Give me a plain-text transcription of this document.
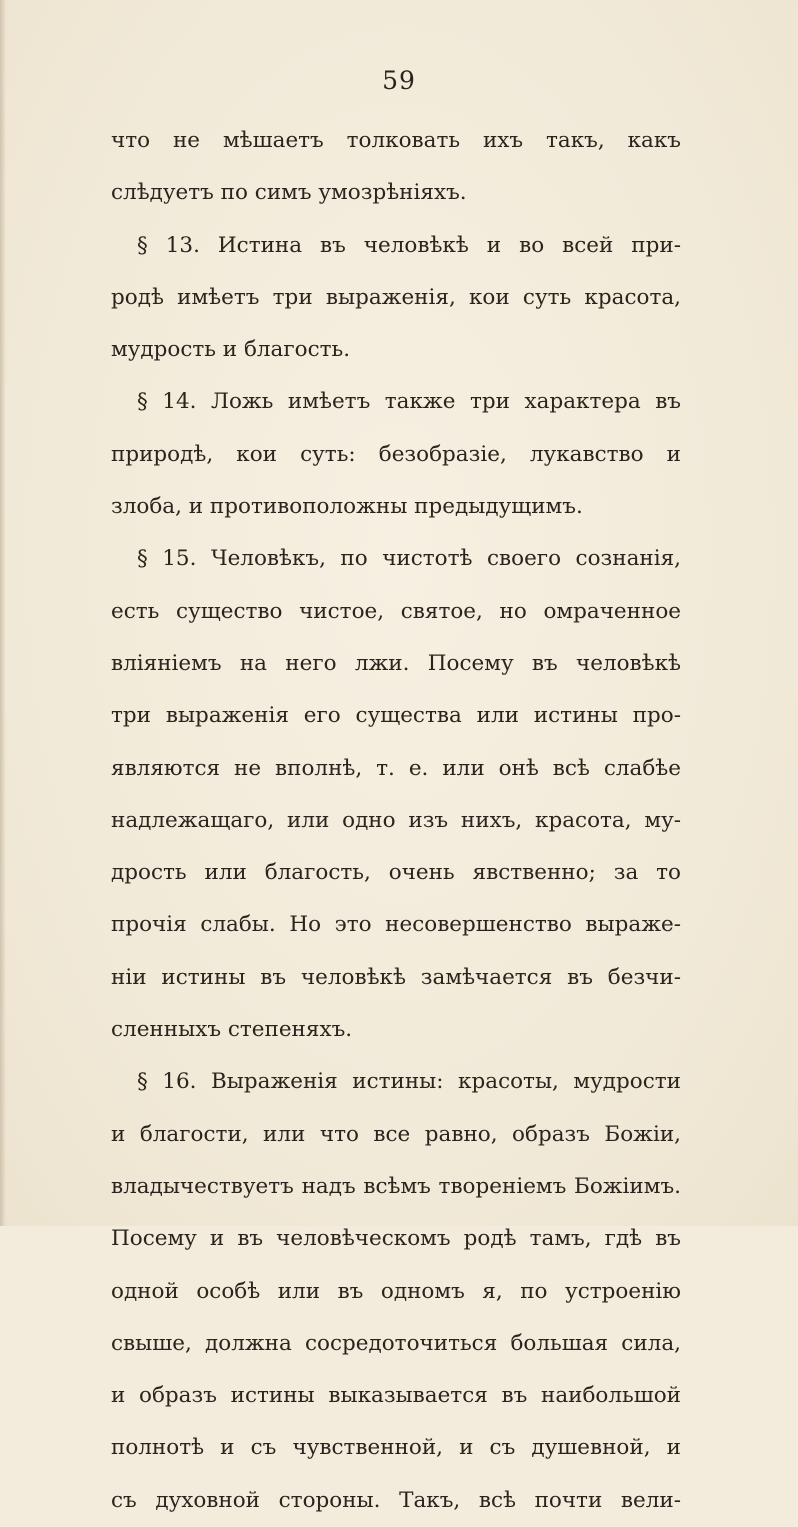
59
что не мѣшаетъ толковать ихъ такъ, какъ
слѣдуетъ по симъ умозрѣніяхъ.
§ 13. Истина въ человѣкѣ и во всей при-
родѣ имѣетъ три выраженія, кои суть красота,
мудрость и благость.
§ 14. Ложь имѣетъ также три характера въ
природѣ, кои суть: безобразіе, лукавство и
злоба, и противоположны предыдущимъ.
§ 15. Человѣкъ, по чистотѣ своего сознанія,
есть существо чистое, святое, но омраченное
вліяніемъ на него лжи. Посему въ человѣкѣ
три выраженія его существа или истины про-
являются не вполнѣ, т. е. или онѣ всѣ слабѣе
надлежащаго, или одно изъ нихъ, красота, му-
дрость или благость, очень явственно; за то
прочія слабы. Но это несовершенство выраже-
ніи истины въ человѣкѣ замѣчается въ безчи-
сленныхъ степеняхъ.
§ 16. Выраженія истины: красоты, мудрости
и благости, или что все равно, образъ Божіи,
владычествуетъ надъ всѣмъ твореніемъ Божіимъ.
Посему и въ человѣческомъ родѣ тамъ, гдѣ въ
одной особѣ или въ одномъ я, по устроенію
свыше, должна сосредоточиться большая сила,
и образъ истины выказывается въ наибольшой
полнотѣ и съ чувственной, и съ душевной, и
съ духовной стороны. Такъ, всѣ почти вели-
